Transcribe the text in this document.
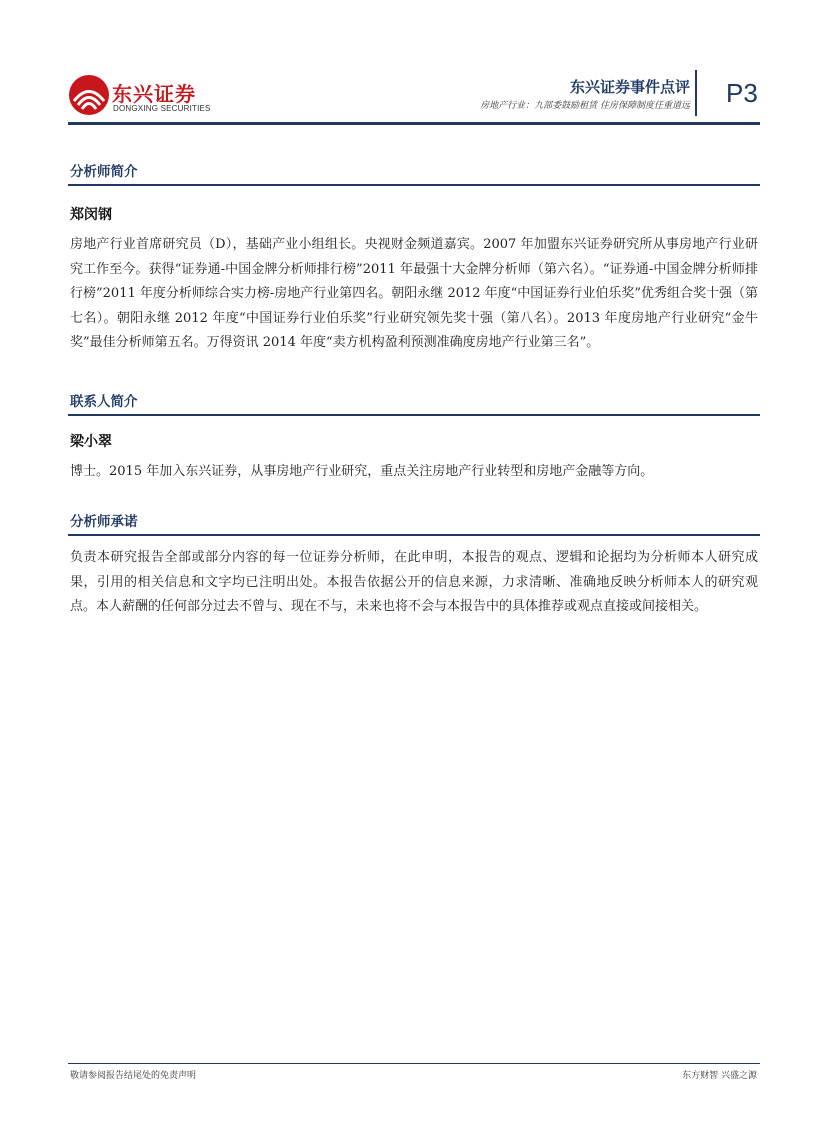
东兴证券
DONGXING SECURITIES
东兴证券事件点评
房地产行业：九部委鼓励租赁 住房保障制度任重道远 P3
分析师简介
郑闵钢
房地产行业首席研究员（D），基础产业小组组长。央视财金频道嘉宾。2007 年加盟东兴证券研究所从事房地产行业研究工作至今。获得“证券通-中国金牌分析师排行榜”2011 年最强十大金牌分析师（第六名）。“证券通-中国金牌分析师排行榜”2011 年度分析师综合实力榜-房地产行业第四名。朝阳永继 2012 年度“中国证券行业伯乐奖”优秀组合奖十强（第七名）。朝阳永继 2012 年度“中国证券行业伯乐奖”行业研究领先奖十强（第八名）。2013 年度房地产行业研究“金牛奖”最佳分析师第五名。万得资讯 2014 年度“卖方机构盈利预测准确度房地产行业第三名”。
联系人简介
梁小翠
博士。2015 年加入东兴证券，从事房地产行业研究，重点关注房地产行业转型和房地产金融等方向。
分析师承诺
负责本研究报告全部或部分内容的每一位证券分析师，在此申明，本报告的观点、逻辑和论据均为分析师本人研究成果，引用的相关信息和文字均已注明出处。本报告依据公开的信息来源，力求清晰、准确地反映分析师本人的研究观点。本人薪酬的任何部分过去不曾与、现在不与，未来也将不会与本报告中的具体推荐或观点直接或间接相关。
敬请参阅报告结尾处的免责声明	东方财智 兴盛之源
